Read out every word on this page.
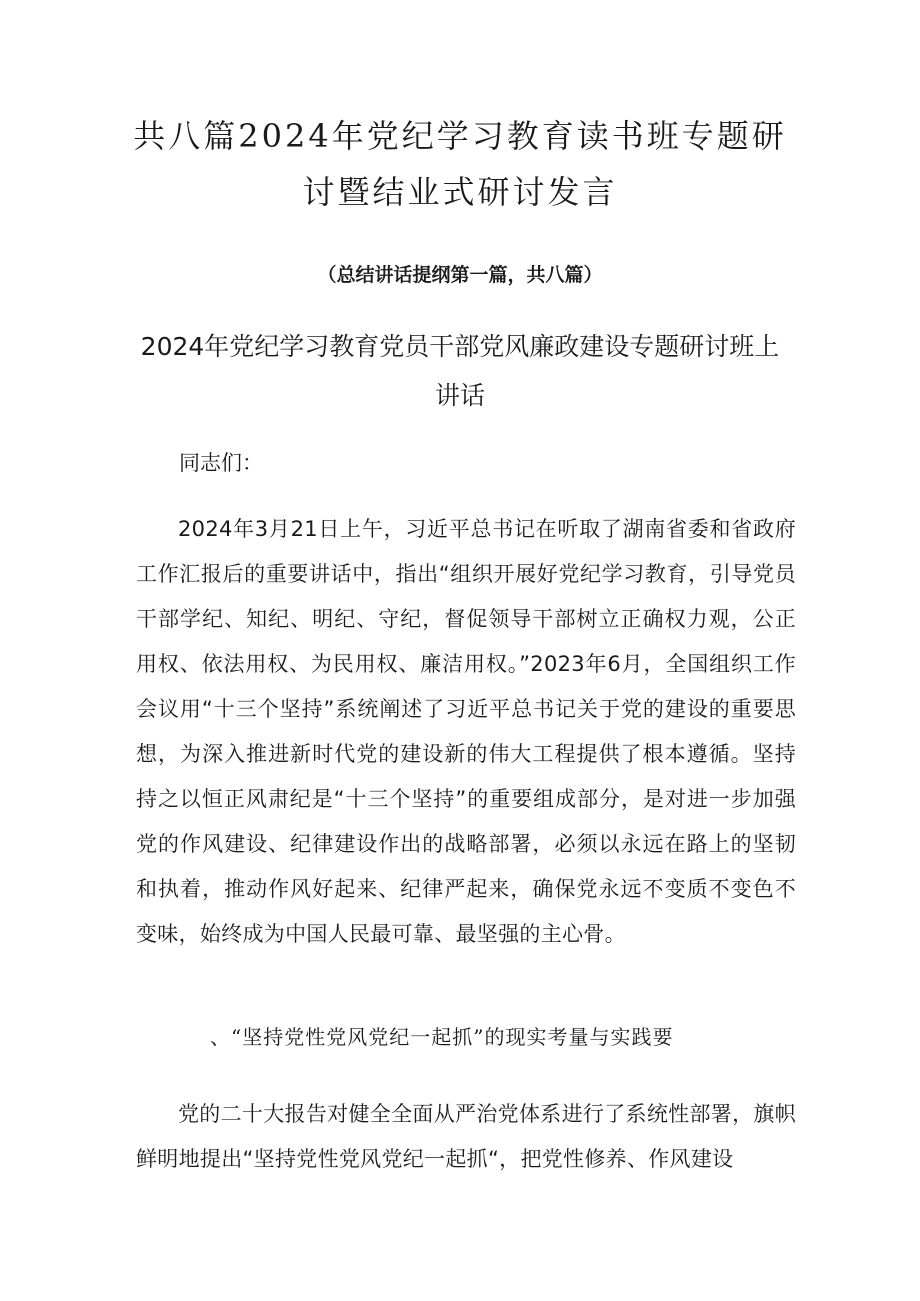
共八篇2024年党纪学习教育读书班专题研讨暨结业式研讨发言
（总结讲话提纲第一篇，共八篇）
2024年党纪学习教育党员干部党风廉政建设专题研讨班上讲话
同志们：

2024年3月21日上午，习近平总书记在听取了湖南省委和省政府工作汇报后的重要讲话中，指出“组织开展好党纪学习教育，引导党员干部学纪、知纪、明纪、守纪，督促领导干部树立正确权力观，公正用权、依法用权、为民用权、廉洁用权。”2023年6月，全国组织工作会议用“十三个坚持”系统阐述了习近平总书记关于党的建设的重要思想，为深入推进新时代党的建设新的伟大工程提供了根本遵循。坚持持之以恒正风肃纪是“十三个坚持”的重要组成部分，是对进一步加强党的作风建设、纪律建设作出的战略部署，必须以永远在路上的坚韧和执着，推动作风好起来、纪律严起来，确保党永远不变质不变色不变味，始终成为中国人民最可靠、最坚强的主心骨。

、“坚持党性党风党纪一起抓”的现实考量与实践要

党的二十大报告对健全全面从严治党体系进行了系统性部署，旗帜鲜明地提出“坚持党性党风党纪一起抓“，把党性修养、作风建设
